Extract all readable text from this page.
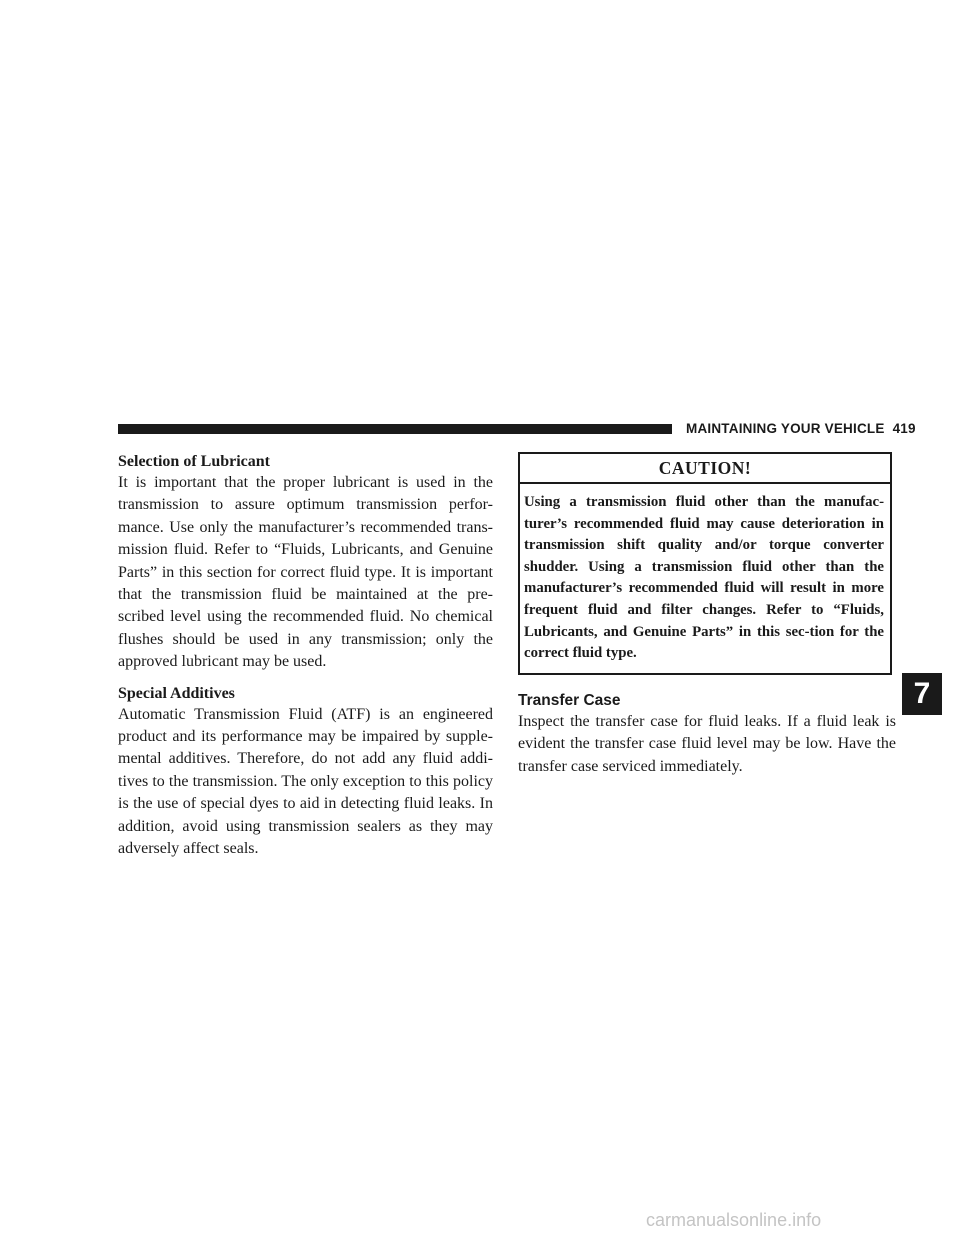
MAINTAINING YOUR VEHICLE 419
Selection of Lubricant

It is important that the proper lubricant is used in the transmission to assure optimum transmission perfor-mance. Use only the manufacturer’s recommended trans-mission fluid. Refer to “Fluids, Lubricants, and Genuine Parts” in this section for correct fluid type. It is important that the transmission fluid be maintained at the pre-scribed level using the recommended fluid. No chemical flushes should be used in any transmission; only the approved lubricant may be used.

Special Additives

Automatic Transmission Fluid (ATF) is an engineered product and its performance may be impaired by supple-mental additives. Therefore, do not add any fluid addi-tives to the transmission. The only exception to this policy is the use of special dyes to aid in detecting fluid leaks. In addition, avoid using transmission sealers as they may adversely affect seals.

CAUTION!

Using a transmission fluid other than the manufac-turer’s recommended fluid may cause deterioration in transmission shift quality and/or torque converter shudder. Using a transmission fluid other than the manufacturer’s recommended fluid will result in more frequent fluid and filter changes. Refer to “Fluids, Lubricants, and Genuine Parts” in this sec-tion for the correct fluid type.

Transfer Case

Inspect the transfer case for fluid leaks. If a fluid leak is evident the transfer case fluid level may be low. Have the transfer case serviced immediately.

7
carmanualsonline.info
